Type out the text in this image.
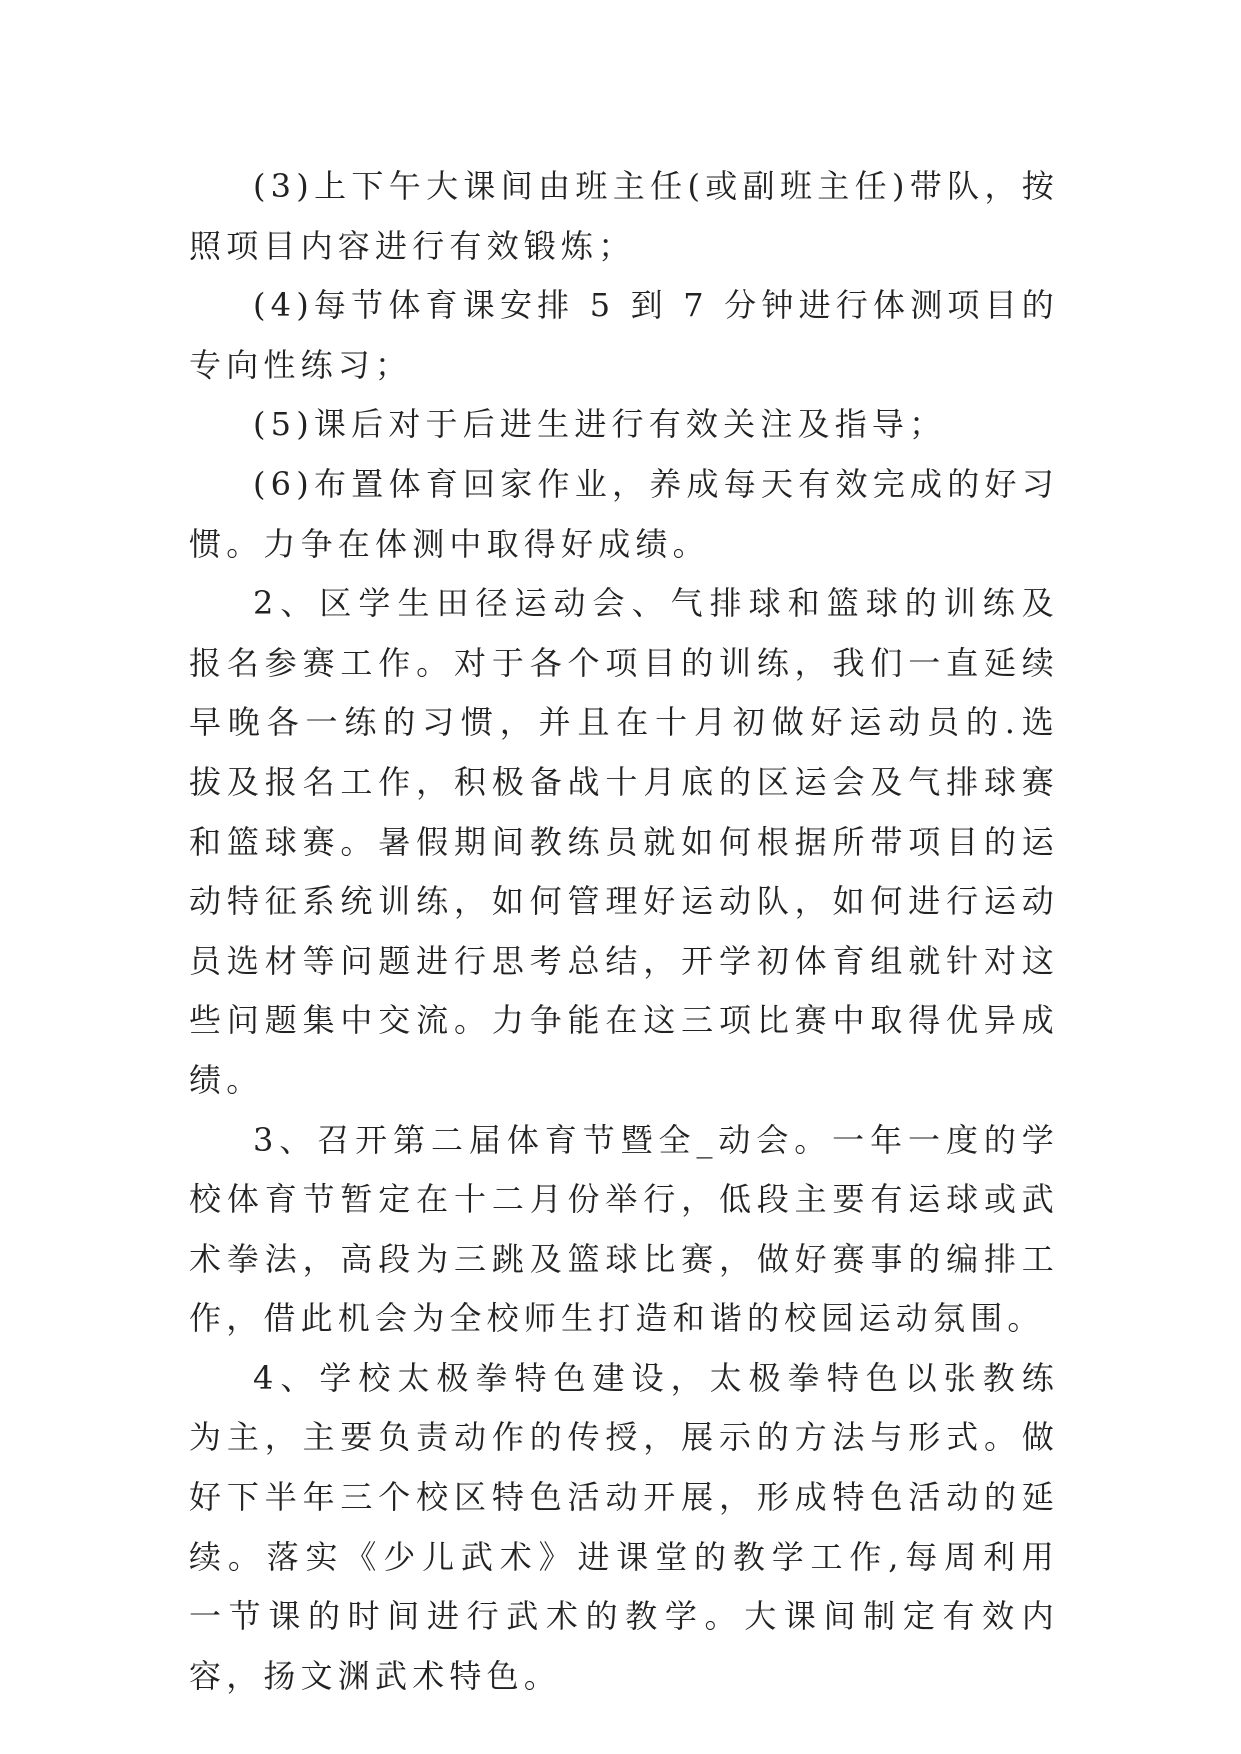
(3)上下午大课间由班主任(或副班主任)带队，按照项目内容进行有效锻炼；

(4)每节体育课安排 5 到 7 分钟进行体测项目的专向性练习；

(5)课后对于后进生进行有效关注及指导；

(6)布置体育回家作业，养成每天有效完成的好习惯。力争在体测中取得好成绩。

2、区学生田径运动会、气排球和篮球的训练及报名参赛工作。对于各个项目的训练，我们一直延续早晚各一练的习惯，并且在十月初做好运动员的.选拔及报名工作，积极备战十月底的区运会及气排球赛和篮球赛。暑假期间教练员就如何根据所带项目的运动特征系统训练，如何管理好运动队，如何进行运动员选材等问题进行思考总结，开学初体育组就针对这些问题集中交流。力争能在这三项比赛中取得优异成绩。

3、召开第二届体育节暨全_动会。一年一度的学校体育节暂定在十二月份举行，低段主要有运球或武术拳法，高段为三跳及篮球比赛，做好赛事的编排工作，借此机会为全校师生打造和谐的校园运动氛围。

4、学校太极拳特色建设，太极拳特色以张教练为主，主要负责动作的传授，展示的方法与形式。做好下半年三个校区特色活动开展，形成特色活动的延续。落实《少儿武术》进课堂的教学工作,每周利用一节课的时间进行武术的教学。大课间制定有效内容，扬文渊武术特色。
